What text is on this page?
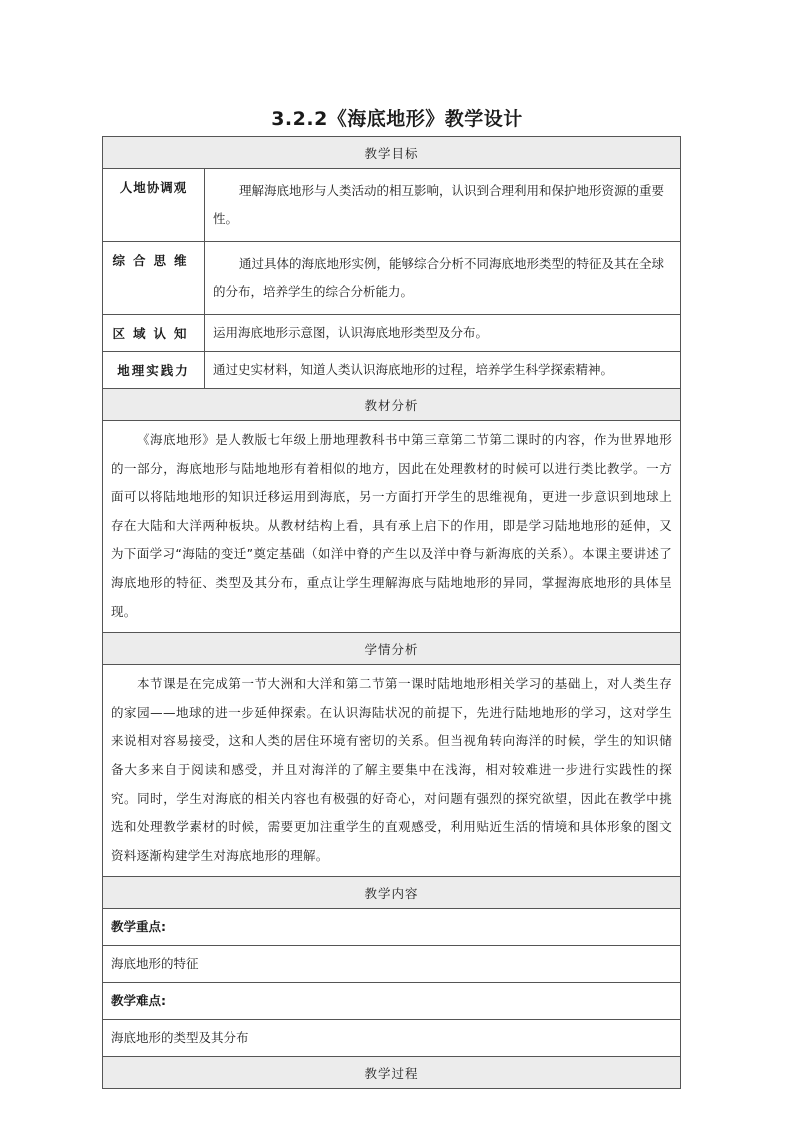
3.2.2《海底地形》教学设计
教学目标	
人地协调观	理解海底地形与人类活动的相互影响，认识到合理利用和保护地形资源的重要性。
综合思维	通过具体的海底地形实例，能够综合分析不同海底地形类型的特征及其在全球的分布，培养学生的综合分析能力。
区域认知	运用海底地形示意图，认识海底地形类型及分布。
地理实践力	通过史实材料，知道人类认识海底地形的过程，培养学生科学探索精神。
教材分析	
《海底地形》是人教版七年级上册地理教科书中第三章第二节第二课时的内容，作为世界地形的一部分，海底地形与陆地地形有着相似的地方，因此在处理教材的时候可以进行类比教学。一方面可以将陆地地形的知识迁移运用到海底，另一方面打开学生的思维视角，更进一步意识到地球上存在大陆和大洋两种板块。从教材结构上看，具有承上启下的作用，即是学习陆地地形的延伸，又为下面学习“海陆的变迁”奠定基础（如洋中脊的产生以及洋中脊与新海底的关系）。本课主要讲述了海底地形的特征、类型及其分布，重点让学生理解海底与陆地地形的异同，掌握海底地形的具体呈现。	
学情分析	
本节课是在完成第一节大洲和大洋和第二节第一课时陆地地形相关学习的基础上，对人类生存的家园——地球的进一步延伸探索。在认识海陆状况的前提下，先进行陆地地形的学习，这对学生来说相对容易接受，这和人类的居住环境有密切的关系。但当视角转向海洋的时候，学生的知识储备大多来自于阅读和感受，并且对海洋的了解主要集中在浅海，相对较难进一步进行实践性的探究。同时，学生对海底的相关内容也有极强的好奇心，对问题有强烈的探究欲望，因此在教学中挑选和处理教学素材的时候，需要更加注重学生的直观感受，利用贴近生活的情境和具体形象的图文资料逐渐构建学生对海底地形的理解。	
教学内容	
教学重点:	
海底地形的特征	
教学难点:	
海底地形的类型及其分布	
教学过程	
